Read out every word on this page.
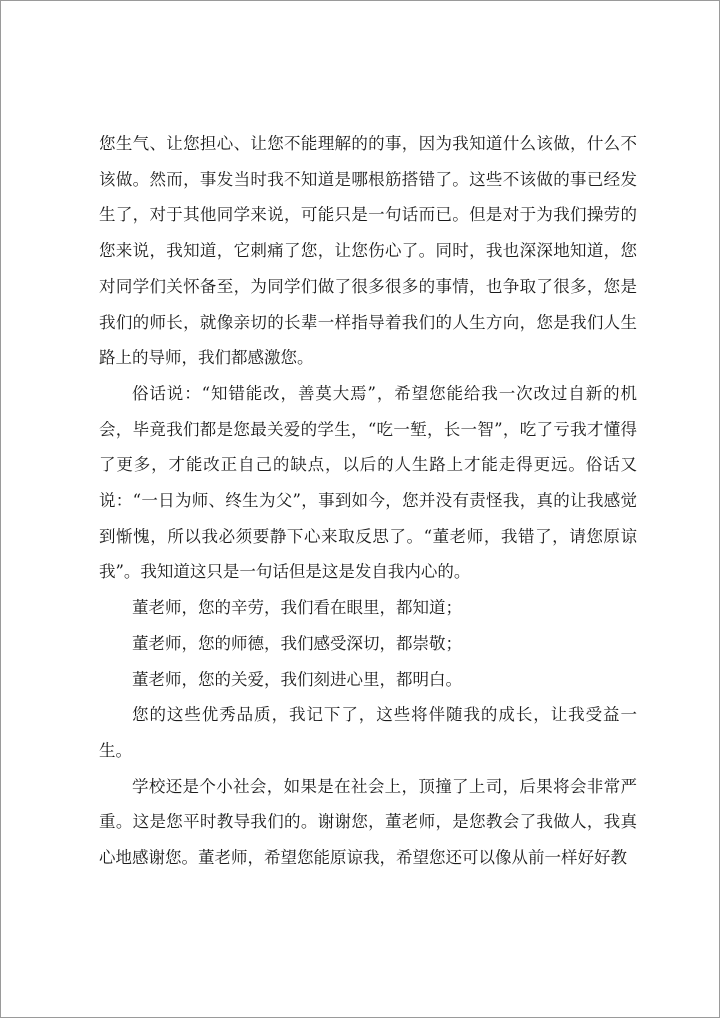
您生气、让您担心、让您不能理解的的事，因为我知道什么该做，什么不该做。然而，事发当时我不知道是哪根筋搭错了。这些不该做的事已经发生了，对于其他同学来说，可能只是一句话而已。但是对于为我们操劳的您来说，我知道，它刺痛了您，让您伤心了。同时，我也深深地知道，您对同学们关怀备至，为同学们做了很多很多的事情，也争取了很多，您是我们的师长，就像亲切的长辈一样指导着我们的人生方向，您是我们人生路上的导师，我们都感激您。

俗话说：“知错能改，善莫大焉”，希望您能给我一次改过自新的机会，毕竟我们都是您最关爱的学生，“吃一堑，长一智”，吃了亏我才懂得了更多，才能改正自己的缺点，以后的人生路上才能走得更远。俗话又说：“一日为师、终生为父”，事到如今，您并没有责怪我，真的让我感觉到惭愧，所以我必须要静下心来取反思了。“董老师，我错了，请您原谅我”。我知道这只是一句话但是这是发自我内心的。

董老师，您的辛劳，我们看在眼里，都知道；

董老师，您的师德，我们感受深切，都崇敬；

董老师，您的关爱，我们刻进心里，都明白。

您的这些优秀品质，我记下了，这些将伴随我的成长，让我受益一生。

学校还是个小社会，如果是在社会上，顶撞了上司，后果将会非常严重。这是您平时教导我们的。谢谢您，董老师，是您教会了我做人，我真心地感谢您。董老师，希望您能原谅我，希望您还可以像从前一样好好教
